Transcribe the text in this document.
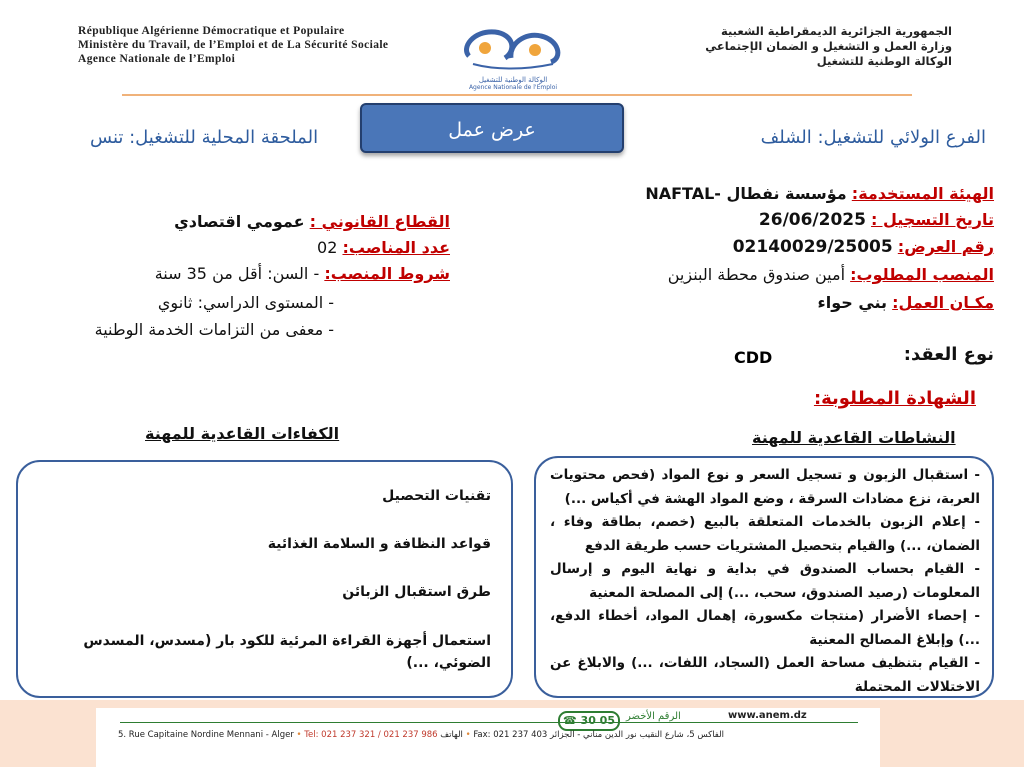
République Algérienne Démocratique et Populaire
Ministère du Travail, de l’Emploi et de La Sécurité Sociale
Agence Nationale de l’Emploi
الوكالة الوطنية للتشغيل
Agence Nationale de l'Emploi
الجمهورية الجزائرية الديمقراطية الشعبية
وزارة العمل و التشغيل و الضمان الإجتماعي
الوكالة الوطنية للتشغيل
عرض عمل	الفرع الولائي للتشغيل: الشلف
الملحقة المحلية للتشغيل: تنس
الهيئة المستخدمة: مؤسسة نفطال -NAFTAL
تاريخ التسجيل : 26/06/2025
رقم العرض: 02140029/25005
المنصب المطلوب: أمين صندوق محطة البنزين
مكـان العمل: بني حواء
نوع العقد:
CDD
الشهادة المطلوبة:
القطاع القانوني : عمومي اقتصادي
عدد المناصب: 02
شروط المنصب: - السن: أقل من 35 سنة
- المستوى الدراسي: ثانوي
- معفى من التزامات الخدمة الوطنية
الكفاءات القاعدية للمهنة	النشاطات القاعدية للمهنة
تقنيات التحصيل
قواعد النظافة و السلامة الغذائية
طرق استقبال الزبائن
استعمال أجهزة القراءة المرئية للكود بار (مسدس، المسدس الضوئي، ...)

- استقبال الزبون و تسجيل السعر و نوع المواد (فحص محتويات العربة، نزع مضادات السرقة ، وضع المواد الهشة في أكياس ...)

- إعلام الزبون بالخدمات المتعلقة بالبيع (خصم، بطاقة وفاء ، الضمان، ...) والقيام بتحصيل المشتريات حسب طريقة الدفع

- القيام بحساب الصندوق في بداية و نهاية اليوم و إرسال المعلومات (رصيد الصندوق، سحب، ...) إلى المصلحة المعنية

- إحصاء الأضرار (منتجات مكسورة، إهمال المواد، أخطاء الدفع، ...) وإبلاغ المصالح المعنية

- القيام بتنظيف مساحة العمل (السجاد، اللفات، ...) والابلاغ عن الاختلالات المحتملة

☎ 30 05	الرقم الأخضر	www.anem.dz
5. Rue Capitaine Nordine Mennani - Alger • Tel: 021 237 321 / 021 237 986 الهاتف • Fax: 021 237 403	الفاكس 5، شارع النقيب نور الدين مناني - الجزائر
